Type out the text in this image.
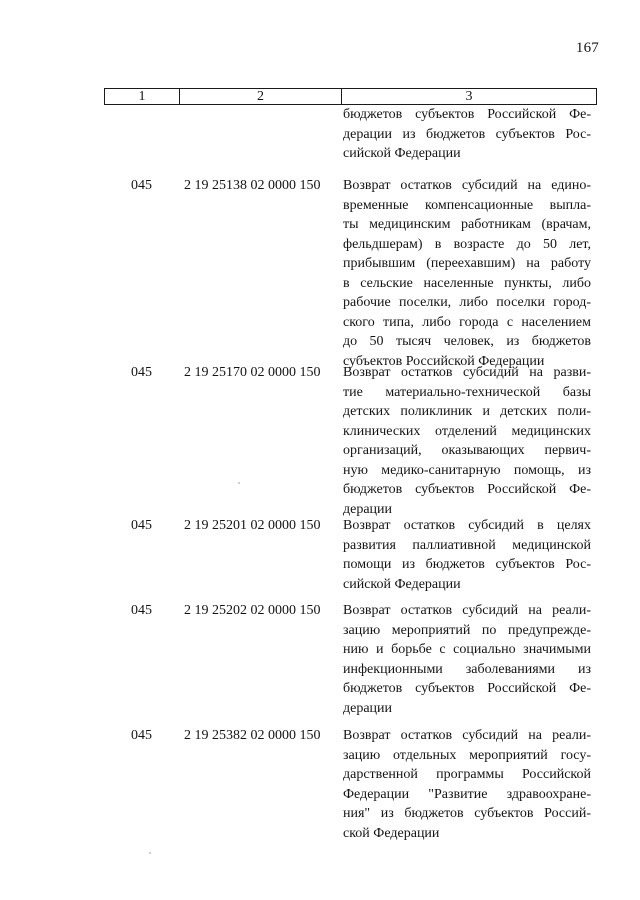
167
1	2	3
бюджетов субъектов Российской Фе-
дерации из бюджетов субъектов Рос-
сийской Федерации
045	2 19 25138 02 0000 150	Возврат остатков субсидий на едино-
временные компенсационные выпла-
ты медицинским работникам (врачам,
фельдшерам) в возрасте до 50 лет,
прибывшим (переехавшим) на работу
в сельские населенные пункты, либо
рабочие поселки, либо поселки город-
ского типа, либо города с населением
до 50 тысяч человек, из бюджетов
субъектов Российской Федерации
045	2 19 25170 02 0000 150	Возврат остатков субсидий на разви-
тие материально-технической базы
детских поликлиник и детских поли-
клинических отделений медицинских
организаций, оказывающих первич-
ную медико-санитарную помощь, из
бюджетов субъектов Российской Фе-
дерации
045	2 19 25201 02 0000 150	Возврат остатков субсидий в целях
развития паллиативной медицинской
помощи из бюджетов субъектов Рос-
сийской Федерации
045	2 19 25202 02 0000 150	Возврат остатков субсидий на реали-
зацию мероприятий по предупрежде-
нию и борьбе с социально значимыми
инфекционными заболеваниями из
бюджетов субъектов Российской Фе-
дерации
045	2 19 25382 02 0000 150	Возврат остатков субсидий на реали-
зацию отдельных мероприятий госу-
дарственной программы Российской
Федерации "Развитие здравоохране-
ния" из бюджетов субъектов Россий-
ской Федерации
